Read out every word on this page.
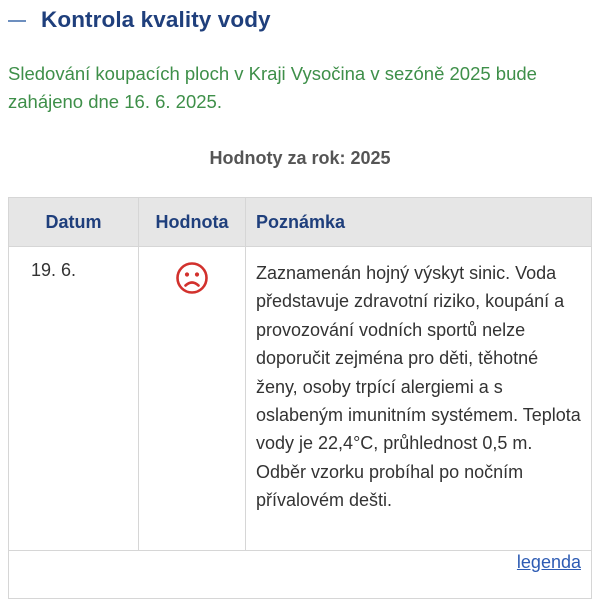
Kontrola kvality vody
Sledování koupacích ploch v Kraji Vysočina v sezóně 2025 bude zahájeno dne 16. 6. 2025.
Hodnoty za rok: 2025
Datum	Hodnota	Poznámka
19. 6.		Zaznamenán hojný výskyt sinic. Voda představuje zdravotní riziko, koupání a provozování vodních sportů nelze doporučit zejména pro děti, těhotné ženy, osoby trpící alergiemi a s oslabeným imunitním systémem. Teplota vody je 22,4°C, průhlednost 0,5 m. Odběr vzorku probíhal po nočním přívalovém dešti.
legenda		
